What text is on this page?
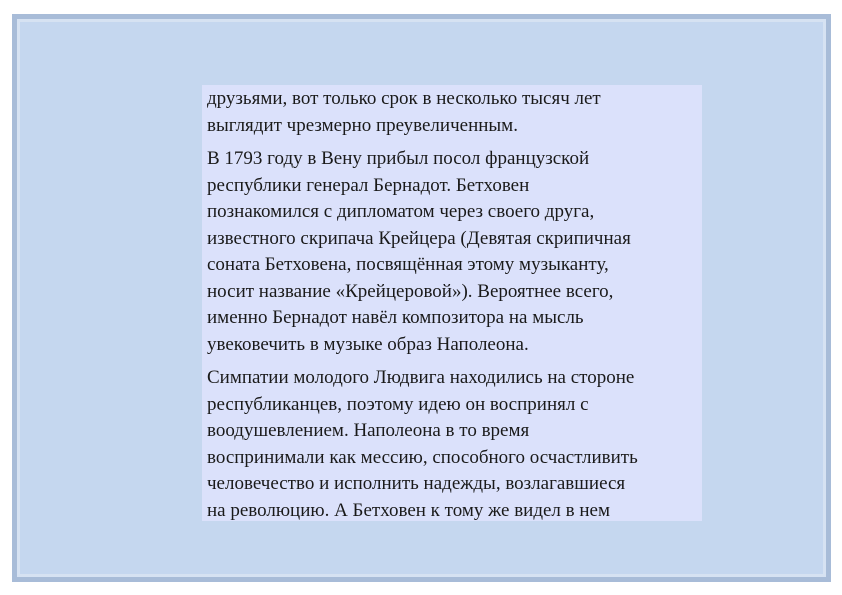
друзьями, вот только срок в несколько тысяч лет
выглядит чрезмерно преувеличенным.

В 1793 году в Вену прибыл посол французской
республики генерал Бернадот. Бетховен
познакомился с дипломатом через своего друга,
известного скрипача Крейцера (Девятая скрипичная
соната Бетховена, посвящённая этому музыканту,
носит название «Крейцеровой»). Вероятнее всего,
именно Бернадот навёл композитора на мысль
увековечить в музыке образ Наполеона.

Симпатии молодого Людвига находились на стороне
республиканцев, поэтому идею он воспринял с
воодушевлением. Наполеона в то время
воспринимали как мессию, способного осчастливить
человечество и исполнить надежды, возлагавшиеся
на революцию. А Бетховен к тому же видел в нем
